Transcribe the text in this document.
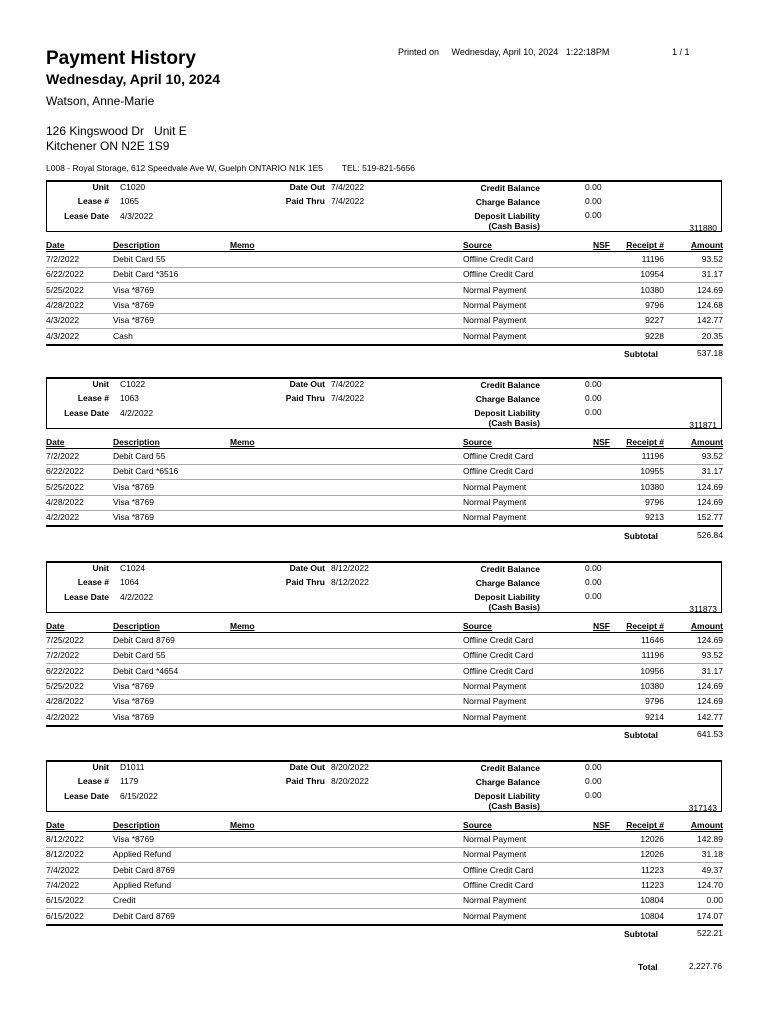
Payment History
Wednesday, April 10, 2024
Watson, Anne-Marie
126 Kingswood Dr   Unit E
Kitchener ON N2E 1S9
Printed on Wednesday, April 10, 2024   1:22:18PM	1 / 1
L008 - Royal Storage, 612 Speedvale Ave W, Guelph ONTARIO N1K 1E5        TEL: 519-821-5656
Unit C1020
Lease # 1065
Lease Date 4/3/2022
Date Out 7/4/2022
Paid Thru 7/4/2022
Credit Balance	0.00
Charge Balance	0.00
Deposit Liability	0.00
(Cash Basis)	311880
Date	Description	Memo	Source	NSF Receipt #	Amount
7/2/2022	Debit Card 55	Offline Credit Card	11196	93.52
6/22/2022	Debit Card *3516	Offline Credit Card	10954	31.17
5/25/2022	Visa *8769	Normal Payment	10380	124.69
4/28/2022	Visa *8769	Normal Payment	9796	124.68
4/3/2022	Visa *8769	Normal Payment	9227	142.77
4/3/2022	Cash	Normal Payment	9228	20.35
Subtotal	537.18
Unit C1022
Lease # 1063
Lease Date 4/2/2022
Date Out 7/4/2022
Paid Thru 7/4/2022
Credit Balance	0.00
Charge Balance	0.00
Deposit Liability	0.00
(Cash Basis)	311871
Date	Description	Memo	Source	NSF Receipt #	Amount
7/2/2022	Debit Card 55	Offline Credit Card	11196	93.52
6/22/2022	Debit Card *6516	Offline Credit Card	10955	31.17
5/25/2022	Visa *8769	Normal Payment	10380	124.69
4/28/2022	Visa *8769	Normal Payment	9796	124.69
4/2/2022	Visa *8769	Normal Payment	9213	152.77
Subtotal	526.84
Unit C1024
Lease # 1064
Lease Date 4/2/2022
Date Out 8/12/2022
Paid Thru 8/12/2022
Credit Balance	0.00
Charge Balance	0.00
Deposit Liability	0.00
(Cash Basis)	311873
Date	Description	Memo	Source	NSF Receipt #	Amount
7/25/2022	Debit Card 8769	Offline Credit Card	11646	124.69
7/2/2022	Debit Card 55	Offline Credit Card	11196	93.52
6/22/2022	Debit Card *4654	Offline Credit Card	10956	31.17
5/25/2022	Visa *8769	Normal Payment	10380	124.69
4/28/2022	Visa *8769	Normal Payment	9796	124.69
4/2/2022	Visa *8769	Normal Payment	9214	142.77
Subtotal	641.53
Unit D1011
Lease # 1179
Lease Date 6/15/2022
Date Out 8/20/2022
Paid Thru 8/20/2022
Credit Balance	0.00
Charge Balance	0.00
Deposit Liability	0.00
(Cash Basis)	317143
Date	Description	Memo	Source	NSF Receipt #	Amount
8/12/2022	Visa *8769	Normal Payment	12026	142.89
8/12/2022	Applied Refund	Normal Payment	12026	31.18
7/4/2022	Debit Card 8769	Offline Credit Card	11223	49.37
7/4/2022	Applied Refund	Offline Credit Card	11223	124.70
6/15/2022	Credit	Normal Payment	10804	0.00
6/15/2022	Debit Card 8769	Normal Payment	10804	174.07
Subtotal	522.21
Total	2,227.76
